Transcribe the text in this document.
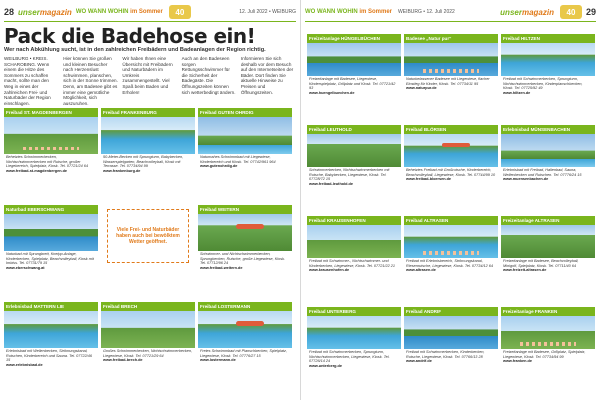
28 unsermagazin WO WANN WOHIN im Sommer	40	12. Juli 2022 • WEIBURG
Pack die Badehose ein!
Wer nach Abkühlung sucht, ist in den zahlreichen Freibädern und Badeanlagen der Region richtig.

WEILBURG • KREIS. SCHAROBING. Wenn einem die Hitze des Sommers zu schaffen macht, sollte man den Weg in eines der zahlreichen Frei- und Naturbäder der Region einschlagen.

Hier können Sie großen und kleinen Besucher nach Herzenslust schwimmen, planschen, sich in der Sonne trimmen. Denn, am Badesee gibt es immer eine gemütliche Möglichkeit, sich auszuruhen.

Wir haben Ihnen eine Übersicht mit Freibädern und Naturbädern im Umkreis zusammengestellt. Viel Spaß beim Baden und Erholen!

Auch an den Badeseen sorgen Rettungsschwimmer für die Sicherheit der Badegäste. Die Öffnungszeiten können sich wetterbedingt ändern.

Informieren Sie sich deshalb vor dem Besuch auf den Internetseiten der Bäder. Dort finden Sie aktuelle Hinweise zu Preisen und Öffnungszeiten.

Freibad ST. MAGDENBERGEN
Beheiztes Schwimmerbecken, Nichtschwimmerbecken mit Rutsche, großer Liegebereich, Spielplatz, Kiosk. Tel. 07721/24 64
www.freibad-st-magdenbergen.de
Freibad FRANKENBURG
50-Meter-Becken mit Sprungturm, Babybecken, Wasserspielgarten, Beachvolleyball, Kiosk mit Terrasse. Tel. 07734/94 99
www.frankenburg.de
Freibad GUTEN OHRDIG
Naturnahes Schwimmbad mit Liegewiese, Kinderbereich und Kiosk. Tel. 07742/961 964
www.gutenohrdig.de
Naturbad EBERSCHWANG
Naturbad mit Sprungbrett, Kneipp-Anlage, Kinderbecken, Spielplatz, Beachvolleyball, Kiosk mit Imbiss. Tel. 07731/79 15
www.eberschwang.at
Viele Frei- und Naturbäder haben auch bei bewölktem Wetter geöffnet.
Freibad WEITERN
Schwimmer- und Nichtschwimmerbecken, Sprungbecken, Rutsche, große Liegewiese, Kiosk. Tel. 07712/96 24
www.freibad-weitern.de
Erlebnisbad MATTERN LIE
Erlebnisbad mit Wellenbecken, Strömungskanal, Rutschen, Kinderbereich und Sauna. Tel. 07722/46 15
www.erlebnisbad.de
Freibad BRECH
Großes Schwimmerbecken, Nichtschwimmerbecken, Liegewiese, Kiosk. Tel. 07721/29 64
www.freibad-brech.de
Freibad LOSTERMANN
Freies Schwimmbad mit Planschbecken, Spielplatz, Liegewiese, Kiosk. Tel. 07776/27 15
www.lostermann.de
WO WANN WOHIN im Sommer WEIBURG • 12. Juli 2022	unsermagazin	40	29
Freizeitanlage HÜNGELBÜCHEN
Freizeitanlage mit Badesee, Liegewiese, Kinderspielplatz, Grillplatz und Kiosk. Tel. 07721/42 93
www.huengelbuechen.de
Badesee „Natur pur“
Naturbelassener Badesee mit Liegewiese, flacher Einstieg für Kinder, Kiosk. Tel. 07734/11 95
www.naturpur.de
Freibad HILTZEN
Freibad mit Schwimmerbecken, Sprungturm, Nichtschwimmerbecken, Kinderplanschbecken, Kiosk. Tel. 07725/92 49
www.hiltzen.de
Freibad LEUTHOLD
Schwimmerbecken, Nichtschwimmerbecken mit Rutsche, Babybecken, Liegewiese, Kiosk. Tel. 07728/72 15
www.freibad-leuthold.de
Freibad BLÖRSEN
Beheiztes Freibad mit Großrutsche, Kinderbereich, Beachvolleyball, Liegewiese, Kiosk. Tel. 07744/99 10
www.freibad-bloersen.de
Erlebnisbad MÜNSENBACHEN
Erlebnisbad mit Freibad, Hallenbad, Sauna, Wellenbecken und Rutschen. Tel. 07776/24 15
www.muensenbachen.de
Freibad KRAUSENHOFEN
Freibad mit Schwimmer-, Nichtschwimmer- und Kinderbecken, Liegewiese, Kiosk. Tel. 07721/22 21
www.krausenhofen.de
Freibad ALTRASEN
Freibad mit Erlebnisbereich, Strömungskanal, Riesenrutsche, Liegewiese, Kiosk. Tel. 07734/12 64
www.altrasen.de
Freizeitanlage ALTRASEN
Freizeitanlage mit Badesee, Beachvolleyball, Minigolf, Spielplatz, Kiosk. Tel. 07711/40 64
www.freizeit-altrasen.de
Freibad UNTERBERG
Freibad mit Schwimmerbecken, Sprungturm, Nichtschwimmerbecken, Liegewiese, Kiosk. Tel. 07726/14 24
www.unterberg.de
Freibad ANDRIF
Freibad mit Schwimmerbecken, Kinderbecken, Rutsche, Liegewiese, Kiosk. Tel. 07766/13 28
www.andrif.de
Freizeitanlage FRANKEN
Freizeitanlage mit Badesee, Grillplatz, Spielplatz, Liegewiese, Kiosk. Tel. 07734/94 99
www.franken.de
